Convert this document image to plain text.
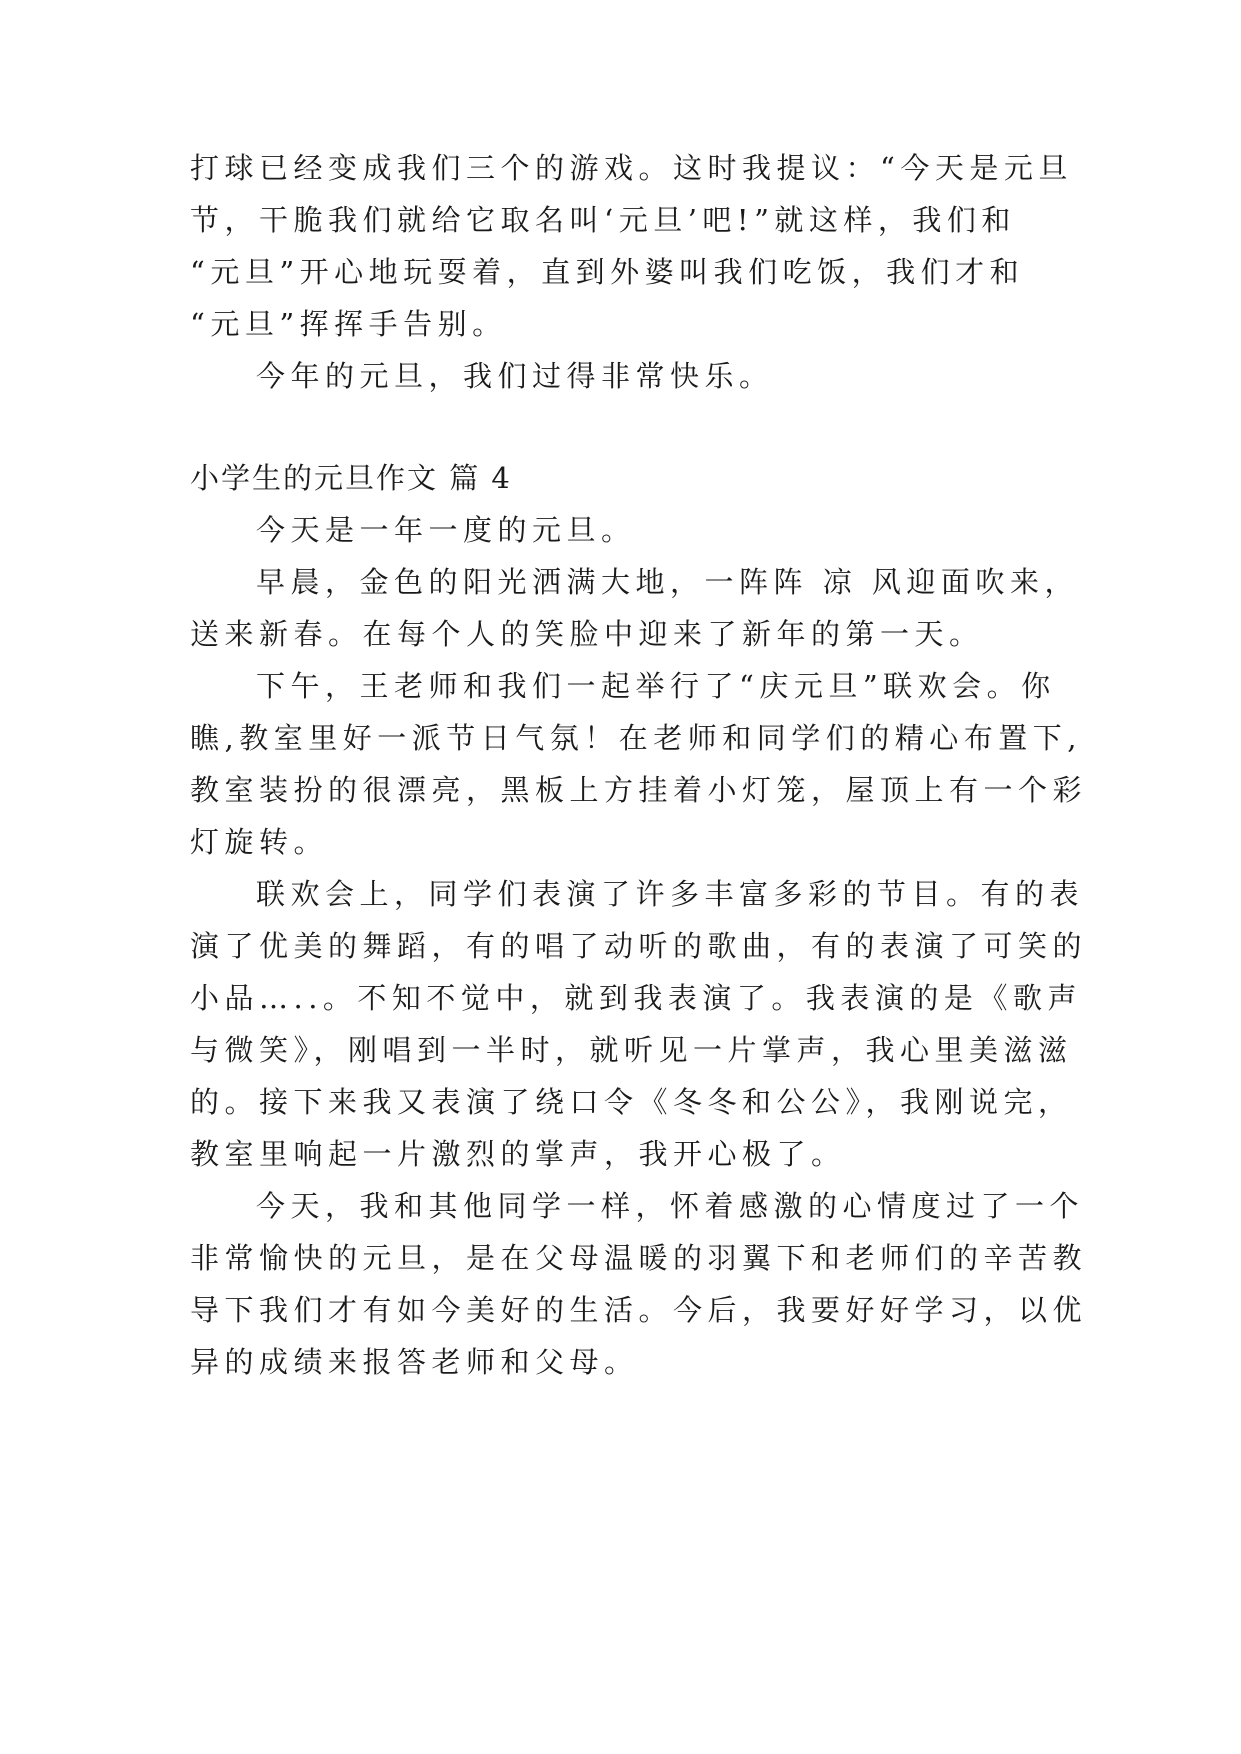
打球已经变成我们三个的游戏。这时我提议：“今天是元旦
节，干脆我们就给它取名叫‘元旦’吧!”就这样，我们和
“元旦”开心地玩耍着，直到外婆叫我们吃饭，我们才和
“元旦”挥挥手告别。
今年的元旦，我们过得非常快乐。
小学生的元旦作文 篇 4
今天是一年一度的元旦。
早晨，金色的阳光洒满大地，一阵阵 凉 风迎面吹来，
送来新春。在每个人的笑脸中迎来了新年的第一天。
下午，王老师和我们一起举行了“庆元旦”联欢会。你
瞧,教室里好一派节日气氛！在老师和同学们的精心布置下,
教室装扮的很漂亮，黑板上方挂着小灯笼，屋顶上有一个彩
灯旋转。
联欢会上，同学们表演了许多丰富多彩的节目。有的表
演了优美的舞蹈，有的唱了动听的歌曲，有的表演了可笑的
小品…..。不知不觉中，就到我表演了。我表演的是《歌声
与微笑》，刚唱到一半时，就听见一片掌声，我心里美滋滋
的。接下来我又表演了绕口令《冬冬和公公》，我刚说完，
教室里响起一片激烈的掌声，我开心极了。
今天，我和其他同学一样，怀着感激的心情度过了一个
非常愉快的元旦，是在父母温暖的羽翼下和老师们的辛苦教
导下我们才有如今美好的生活。今后，我要好好学习，以优
异的成绩来报答老师和父母。
